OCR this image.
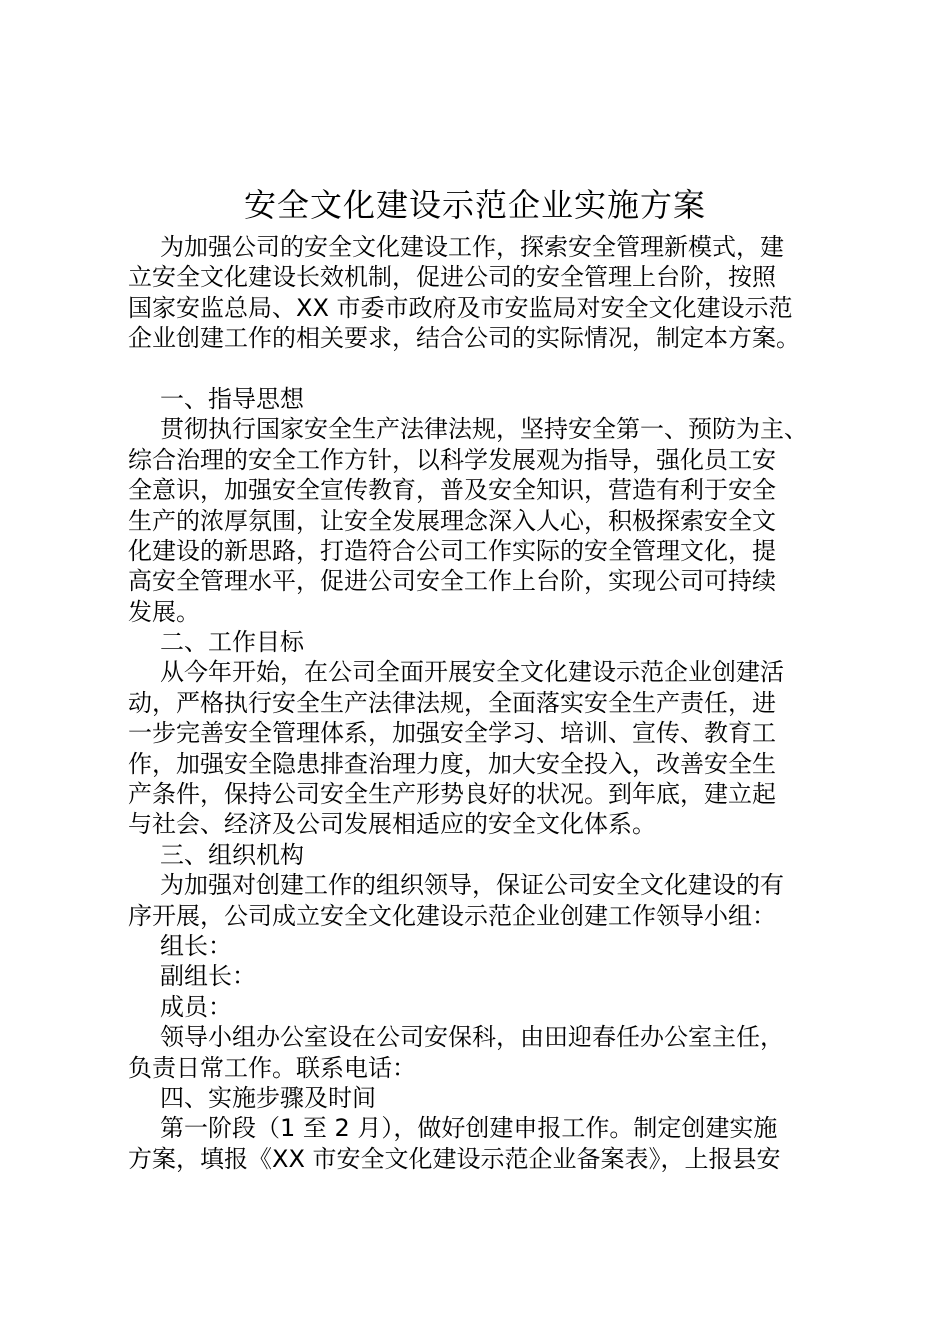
安全文化建设示范企业实施方案
为加强公司的安全文化建设工作，探索安全管理新模式，建
立安全文化建设长效机制，促进公司的安全管理上台阶，按照
国家安监总局、XX 市委市政府及市安监局对安全文化建设示范
企业创建工作的相关要求，结合公司的实际情况，制定本方案。
一、指导思想
贯彻执行国家安全生产法律法规，坚持安全第一、预防为主、
综合治理的安全工作方针，以科学发展观为指导，强化员工安
全意识，加强安全宣传教育，普及安全知识，营造有利于安全
生产的浓厚氛围，让安全发展理念深入人心，积极探索安全文
化建设的新思路，打造符合公司工作实际的安全管理文化，提
高安全管理水平，促进公司安全工作上台阶，实现公司可持续
发展。
二、工作目标
从今年开始，在公司全面开展安全文化建设示范企业创建活
动，严格执行安全生产法律法规，全面落实安全生产责任，进
一步完善安全管理体系，加强安全学习、培训、宣传、教育工
作，加强安全隐患排查治理力度，加大安全投入，改善安全生
产条件，保持公司安全生产形势良好的状况。到年底，建立起
与社会、经济及公司发展相适应的安全文化体系。
三、组织机构
为加强对创建工作的组织领导，保证公司安全文化建设的有
序开展，公司成立安全文化建设示范企业创建工作领导小组：
组长：
副组长：
成员：
领导小组办公室设在公司安保科，由田迎春任办公室主任，
负责日常工作。联系电话：
四、实施步骤及时间
第一阶段（1 至 2 月），做好创建申报工作。制定创建实施
方案，填报《XX 市安全文化建设示范企业备案表》，上报县安
